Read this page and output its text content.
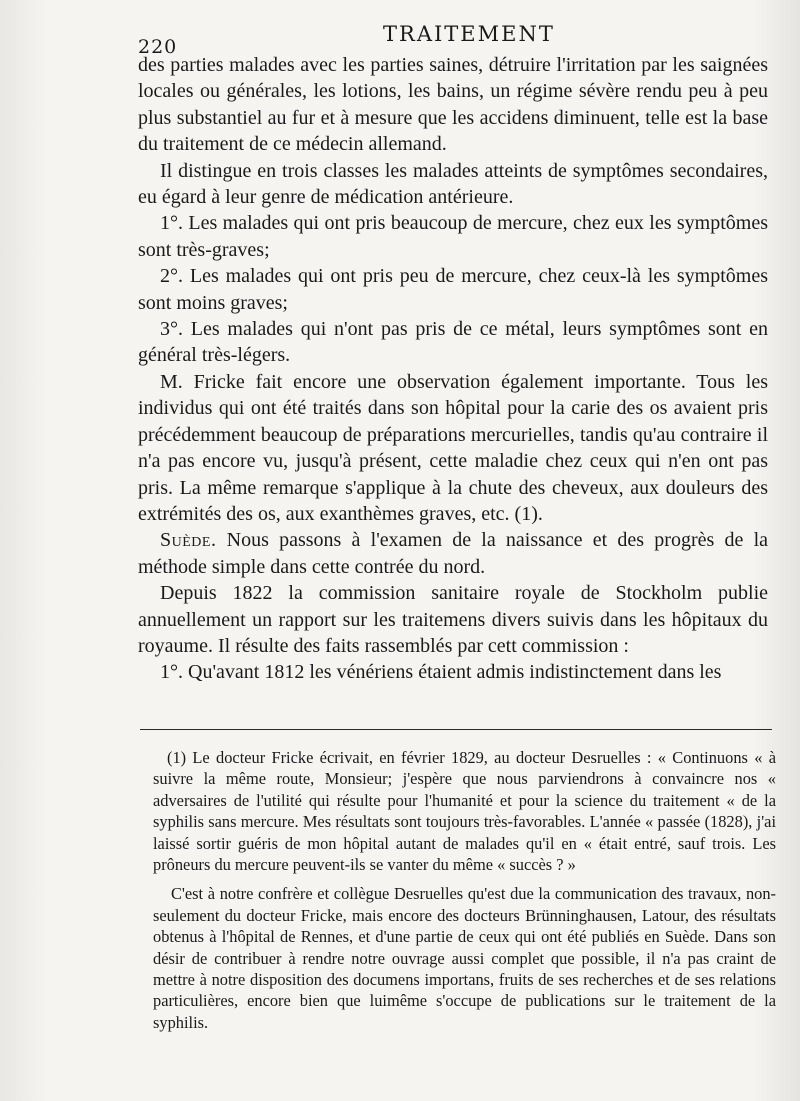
220
TRAITEMENT

des parties malades avec les parties saines, détruire l'irritation par les saignées locales ou générales, les lotions, les bains, un régime sévère rendu peu à peu plus substantiel au fur et à mesure que les accidens diminuent, telle est la base du traitement de ce médecin allemand.

Il distingue en trois classes les malades atteints de symptômes secondaires, eu égard à leur genre de médication antérieure.

1°. Les malades qui ont pris beaucoup de mercure, chez eux les symptômes sont très-graves;

2°. Les malades qui ont pris peu de mercure, chez ceux-là les symptômes sont moins graves;

3°. Les malades qui n'ont pas pris de ce métal, leurs symptômes sont en général très-légers.

M. Fricke fait encore une observation également importante. Tous les individus qui ont été traités dans son hôpital pour la carie des os avaient pris précédemment beaucoup de préparations mercurielles, tandis qu'au contraire il n'a pas encore vu, jusqu'à présent, cette maladie chez ceux qui n'en ont pas pris. La même remarque s'applique à la chute des cheveux, aux douleurs des extrémités des os, aux exanthèmes graves, etc. (1).

Suède. Nous passons à l'examen de la naissance et des progrès de la méthode simple dans cette contrée du nord.

Depuis 1822 la commission sanitaire royale de Stockholm publie annuellement un rapport sur les traitemens divers suivis dans les hôpitaux du royaume. Il résulte des faits rassemblés par cett commission :

1°. Qu'avant 1812 les vénériens étaient admis indistinctement dans les

(1) Le docteur Fricke écrivait, en février 1829, au docteur Desruelles : « Continuons « à suivre la même route, Monsieur; j'espère que nous parviendrons à convaincre nos « adversaires de l'utilité qui résulte pour l'humanité et pour la science du traitement « de la syphilis sans mercure. Mes résultats sont toujours très-favorables. L'année « passée (1828), j'ai laissé sortir guéris de mon hôpital autant de malades qu'il en « était entré, sauf trois. Les prôneurs du mercure peuvent-ils se vanter du même « succès ? »

C'est à notre confrère et collègue Desruelles qu'est due la communication des travaux, non-seulement du docteur Fricke, mais encore des docteurs Brünninghausen, Latour, des résultats obtenus à l'hôpital de Rennes, et d'une partie de ceux qui ont été publiés en Suède. Dans son désir de contribuer à rendre notre ouvrage aussi complet que possible, il n'a pas craint de mettre à notre disposition des documens importans, fruits de ses recherches et de ses relations particulières, encore bien que luimême s'occupe de publications sur le traitement de la syphilis.
